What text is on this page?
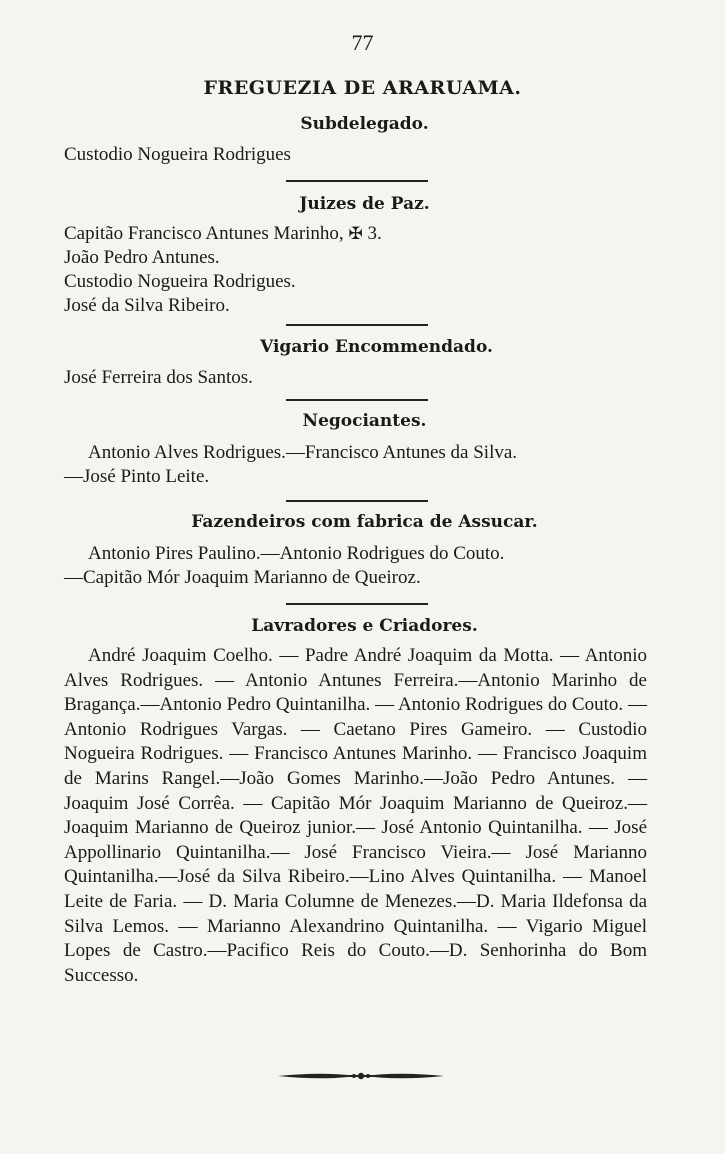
77
FREGUEZIA DE ARARUAMA.
Subdelegado.
Custodio Noguеira Rodrigues
Juizes de Paz.
Capitão Francisco Antunes Marinho, ✠ 3.
João Pedro Antunes.
Custodio Nogueira Rodrigues.
José da Silva Ribeiro.
Vigario Encommendado.
José Ferreira dos Santos.
Negociantes.
Antonio Alves Rodrigues.—Francisco Antunes da Silva.
—José Pinto Leite.
Fazendeiros com fabrica de Assucar.
Antonio Pires Paulino.—Antonio Rodrigues do Couto.
—Capitão Mór Joaquim Marianno de Queiroz.
Lavradores e Criadores.
André Joaquim Coelho. — Padre André Joaquim da Motta. — Antonio Alves Rodrigues. — Antonio Antunes Ferreira.—Antonio Marinho de Bragança.—Antonio Pedro Quintanilha. — Antonio Rodrigues do Couto. — Antonio Rodrigues Vargas. — Caetano Pires Gameiro. — Custodio Nogueira Rodrigues. — Francisco Antunes Marinho. — Francisco Joaquim de Marins Rangel.—João Gomes Marinho.—João Pedro Antunes. — Joaquim José Corrêa. — Capitão Mór Joaquim Marianno de Queiroz.—Joaquim Marianno de Queiroz junior.— José Antonio Quintanilha. — José Appollinario Quintanilha.— José Francisco Vieira.— José Marianno Quintanilha.—José da Silva Ribeiro.—Lino Alves Quintanilha. — Manoel Leite de Faria. — D. Maria Columne de Menezes.—D. Maria Ildefonsa da Silva Lemos. — Marianno Alexandrino Quintanilha. — Vigario Miguel Lopes de Castro.—Pacifico Reis do Couto.—D. Senhorinha do Bom Successo.
